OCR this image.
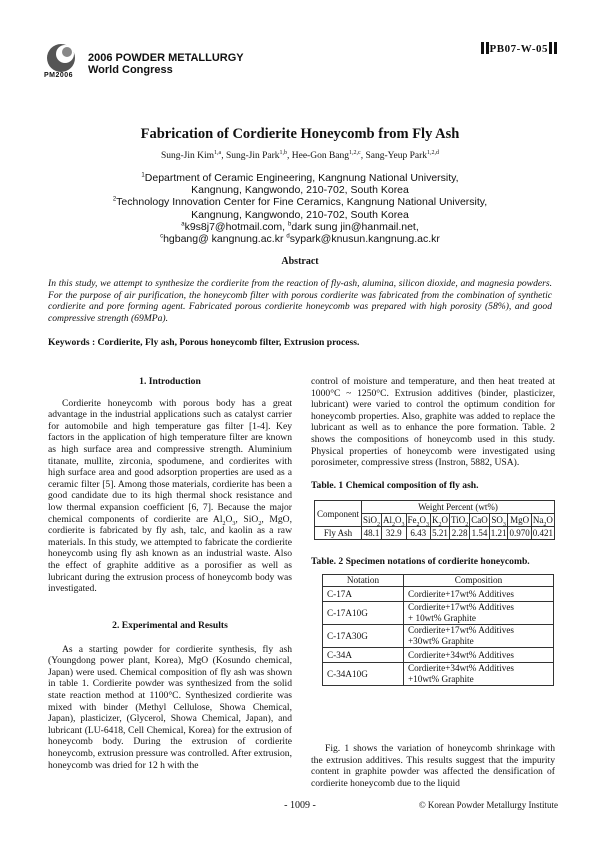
PM2006
2006 POWDER METALLURGY
World Congress
PB07-W-05
Fabrication of Cordierite Honeycomb from Fly Ash
Sung-Jin Kim$^{1,a}$, Sung-Jin Park$^{1,b}$, Hee-Gon Bang$^{1,2,c}$, Sang-Yeup Park$^{1,2,d}$
$^1$Department of Ceramic Engineering, Kangnung National University,
Kangnung, Kangwondo, 210-702, South Korea
$^2$Technology Innovation Center for Fine Ceramics, Kangnung National University,
Kangnung, Kangwondo, 210-702, South Korea
$^a$k9s8j7@hotmail.com, $^b$dark sung jin@hanmail.net,
$^c$hgbang@ kangnung.ac.kr $^d$sypark@knusun.kangnung.ac.kr
Abstract
In this study, we attempt to synthesize the cordierite from the reaction of fly-ash, alumina, silicon dioxide, and magnesia powders. For the purpose of air purification, the honeycomb filter with porous cordierite was fabricated from the combination of synthetic cordierite and pore forming agent. Fabricated porous cordierite honeycomb was prepared with high porosity (58%), and good compressive strength (69MPa).
Keywords : Cordierite, Fly ash, Porous honeycomb filter, Extrusion process.
1. Introduction

Cordierite honeycomb with porous body has a great advantage in the industrial applications such as catalyst carrier for automobile and high temperature gas filter [1-4]. Key factors in the application of high temperature filter are known as high surface area and compressive strength. Aluminium titanate, mullite, zirconia, spodumene, and cordierites with high surface area and good adsorption properties are used as a ceramic filter [5]. Among those materials, cordierite has been a good candidate due to its high thermal shock resistance and low thermal expansion coefficient [6, 7]. Because the major chemical components of cordierite are $Al_2O_3$, SiO$_2$, MgO, cordierite is fabricated by fly ash, talc, and kaolin as a raw materials. In this study, we attempted to fabricate the cordierite honeycomb using fly ash known as an industrial waste. Also the effect of graphite additive as a porosifier as well as lubricant during the extrusion process of honeycomb body was investigated.

2. Experimental and Results

As a starting powder for cordierite synthesis, fly ash (Youngdong power plant, Korea), MgO (Kosundo chemical, Japan) were used. Chemical composition of fly ash was shown in table 1. Cordierite powder was synthesized from the solid state reaction method at 1100°C. Synthesized cordierite was mixed with binder (Methyl Cellulose, Showa Chemical, Japan), plasticizer, (Glycerol, Showa Chemical, Japan), and lubricant (LU-6418, Cell Chemical, Korea) for the extrusion of honeycomb body. During the extrusion of cordierite honeycomb, extrusion pressure was controlled. After extrusion, honeycomb was dried for 12 h with the

control of moisture and temperature, and then heat treated at 1000°C ~ 1250°C. Extrusion additives (binder, plasticizer, lubricant) were varied to control the optimum condition for honeycomb properties. Also, graphite was added to replace the lubricant as well as to enhance the pore formation. Table. 2 shows the compositions of honeycomb used in this study. Physical properties of honeycomb were investigated using porosimeter, compressive stress (Instron, 5882, USA).

Table. 1 Chemical composition of fly ash.
Component	Weight Percent (wt%)								
	SiO$_2$	$Al_2O_3$	$Fe_2O_3$	$K_2O$	TiO$_2$	CaO	$SO_3$	MgO	$Na_2O$
Fly Ash	48.1	32.9	6.43	5.21	2.28	1.54	1.21	0.970	0.421
Table. 2 Specimen notations of cordierite honeycomb.
Notation	Composition
C-17A	Cordierite+17wt% Additives

C-17A10G	Cordierite+17wt% Additives
+ 10wt% Graphite

C-17A30G	Cordierite+17wt% Additives
+30wt% Graphite

C-34A	Cordierite+34wt% Additives

C-34A10G	Cordierite+34wt% Additives
+10wt% Graphite

Fig. 1 shows the variation of honeycomb shrinkage with the extrusion additives. This results suggest that the impurity content in graphite powder was affected the densification of cordierite honeycomb due to the liquid

- 1009 -	© Korean Powder Metallurgy Institute
